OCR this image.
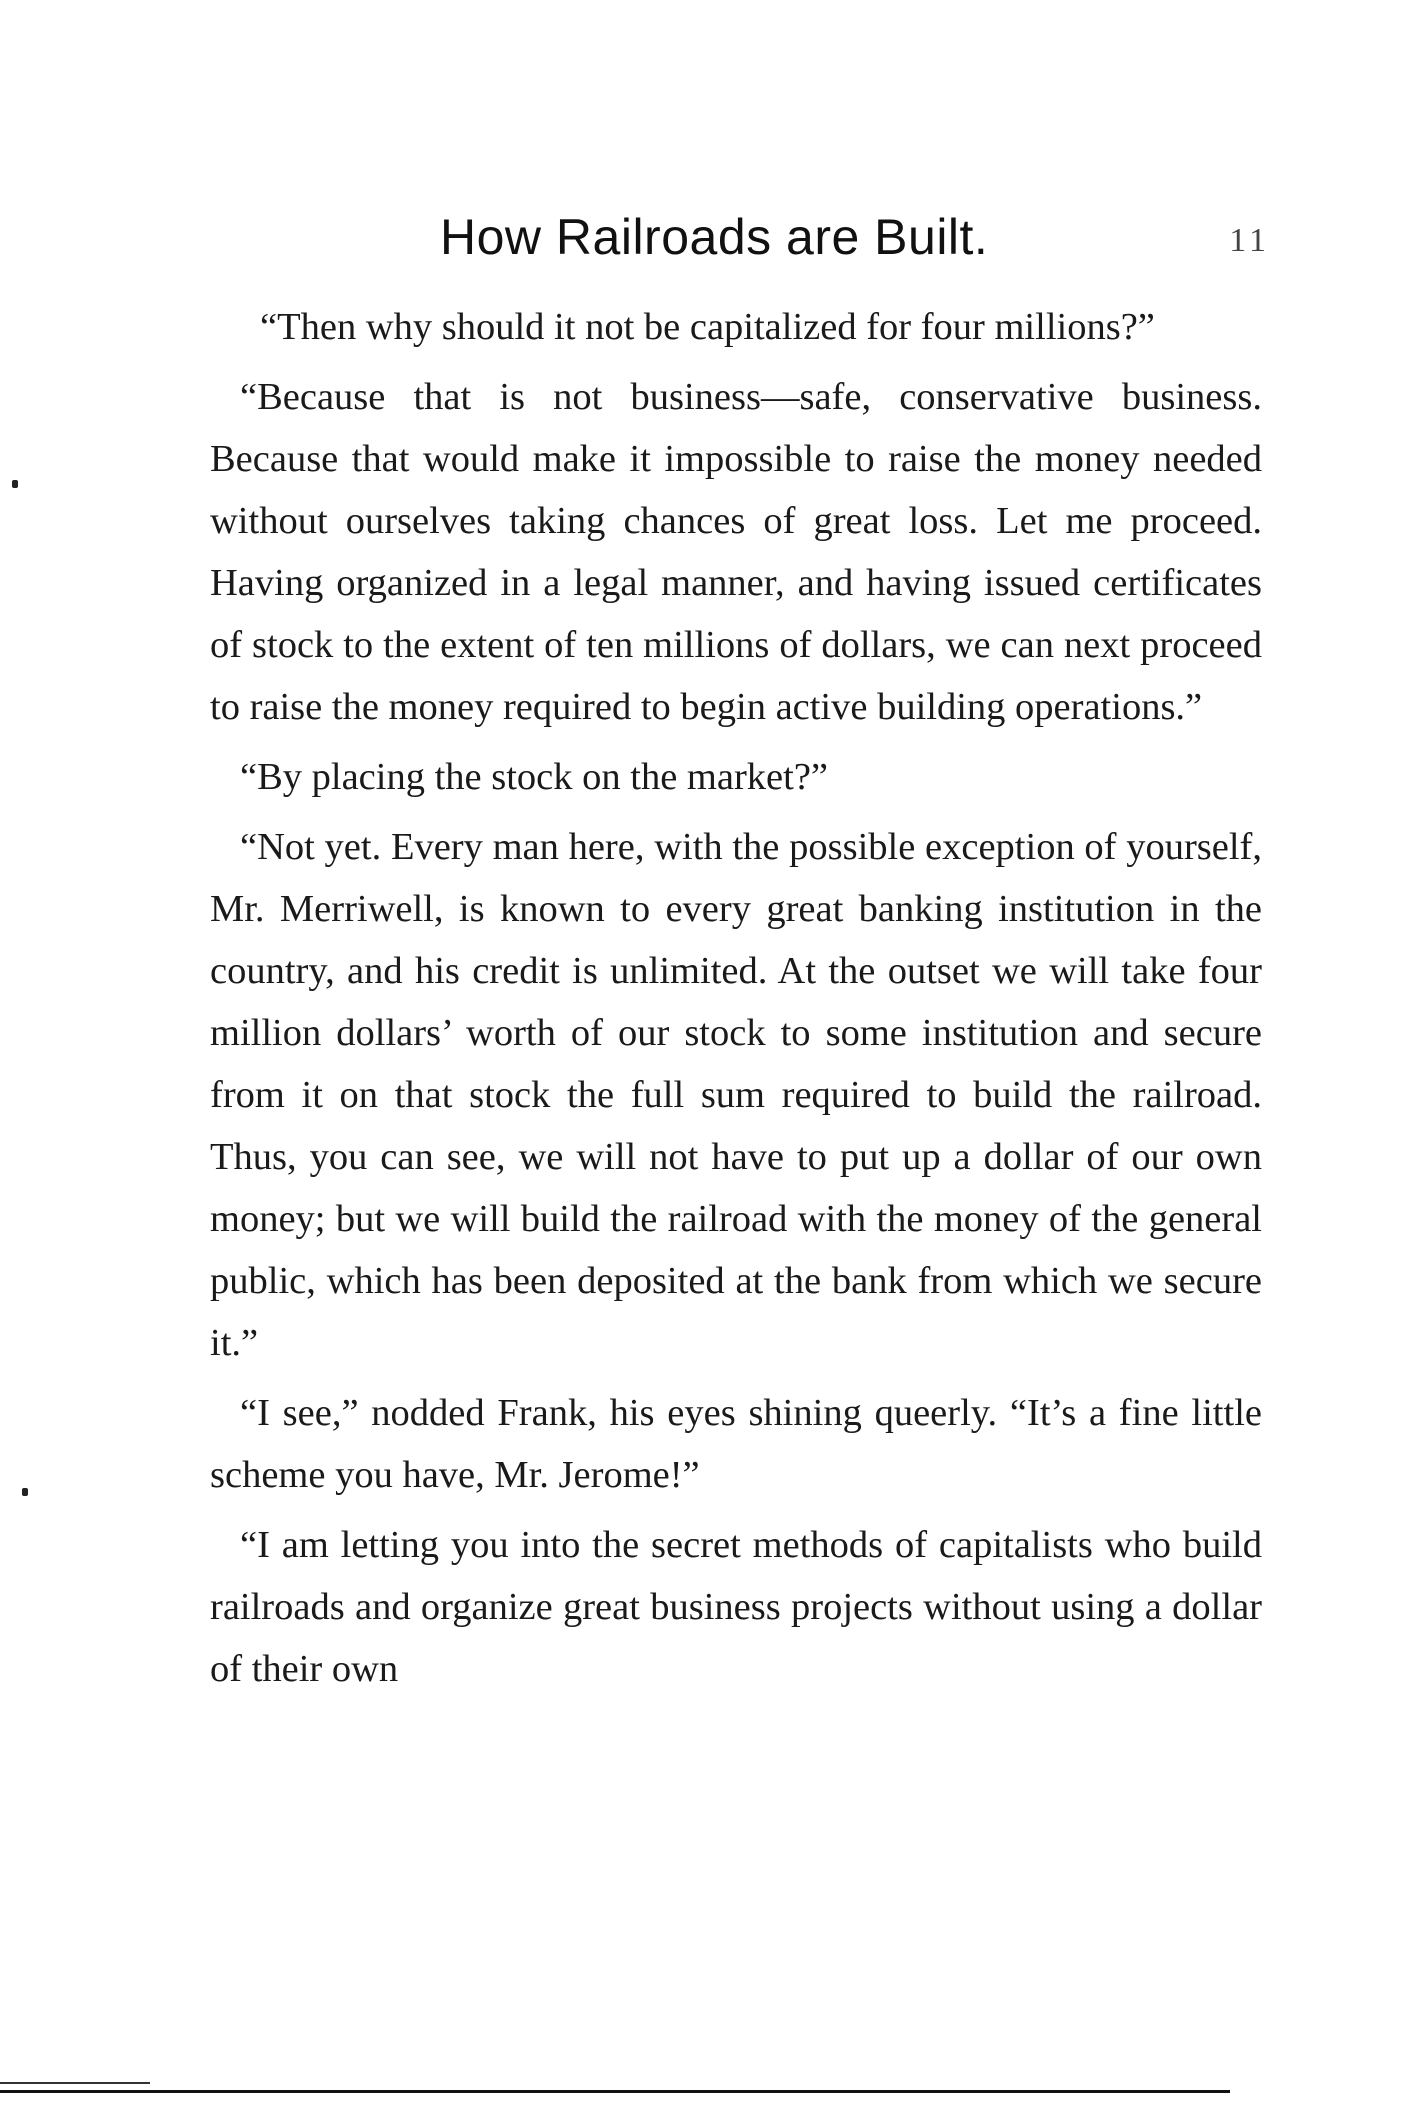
How Railroads are Built.	11

“Then why should it not be capitalized for four millions?”

“Because that is not business—safe, conservative business. Because that would make it impossible to raise the money needed without ourselves taking chances of great loss. Let me proceed. Having organized in a legal manner, and having issued certificates of stock to the extent of ten millions of dollars, we can next proceed to raise the money required to begin active building operations.”

“By placing the stock on the market?”

“Not yet. Every man here, with the possible exception of yourself, Mr. Merriwell, is known to every great banking institution in the country, and his credit is unlimited. At the outset we will take four million dollars’ worth of our stock to some institution and secure from it on that stock the full sum required to build the railroad. Thus, you can see, we will not have to put up a dollar of our own money; but we will build the railroad with the money of the general public, which has been deposited at the bank from which we secure it.”

“I see,” nodded Frank, his eyes shining queerly. “It’s a fine little scheme you have, Mr. Jerome!”

“I am letting you into the secret methods of capitalists who build railroads and organize great business projects without using a dollar of their own
